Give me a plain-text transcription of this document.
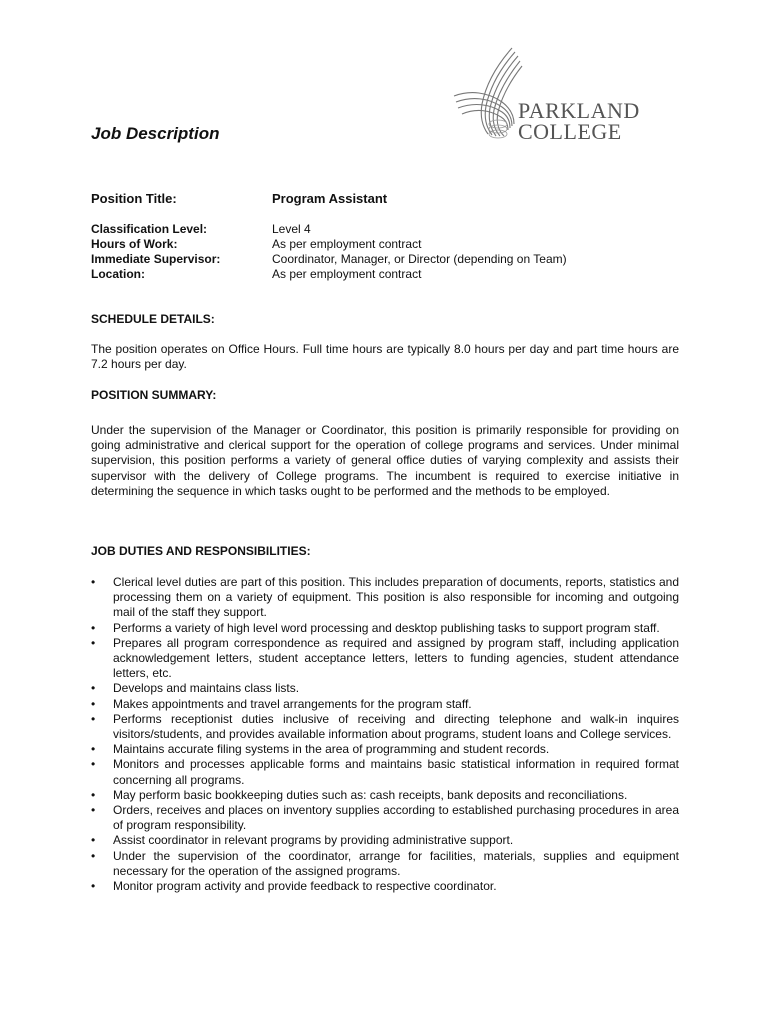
PARKLAND
COLLEGE
Job Description
Position Title:	Program Assistant
Classification Level:	Level 4
Hours of Work:	As per employment contract
Immediate Supervisor:	Coordinator, Manager, or Director (depending on Team)
Location:	As per employment contract
SCHEDULE DETAILS:

The position operates on Office Hours. Full time hours are typically 8.0 hours per day and part time hours are 7.2 hours per day.

POSITION SUMMARY:

Under the supervision of the Manager or Coordinator, this position is primarily responsible for providing on going administrative and clerical support for the operation of college programs and services. Under minimal supervision, this position performs a variety of general office duties of varying complexity and assists their supervisor with the delivery of College programs. The incumbent is required to exercise initiative in determining the sequence in which tasks ought to be performed and the methods to be employed.

JOB DUTIES AND RESPONSIBILITIES:
• Clerical level duties are part of this position. This includes preparation of documents, reports, statistics and processing them on a variety of equipment. This position is also responsible for incoming and outgoing mail of the staff they support.
• Performs a variety of high level word processing and desktop publishing tasks to support program staff.
• Prepares all program correspondence as required and assigned by program staff, including application acknowledgement letters, student acceptance letters, letters to funding agencies, student attendance letters, etc.
• Develops and maintains class lists.
• Makes appointments and travel arrangements for the program staff.
• Performs receptionist duties inclusive of receiving and directing telephone and walk-in inquires visitors/students, and provides available information about programs, student loans and College services.
• Maintains accurate filing systems in the area of programming and student records.
• Monitors and processes applicable forms and maintains basic statistical information in required format concerning all programs.
• May perform basic bookkeeping duties such as: cash receipts, bank deposits and reconciliations.
• Orders, receives and places on inventory supplies according to established purchasing procedures in area of program responsibility.
• Assist coordinator in relevant programs by providing administrative support.
• Under the supervision of the coordinator, arrange for facilities, materials, supplies and equipment necessary for the operation of the assigned programs.
• Monitor program activity and provide feedback to respective coordinator.
